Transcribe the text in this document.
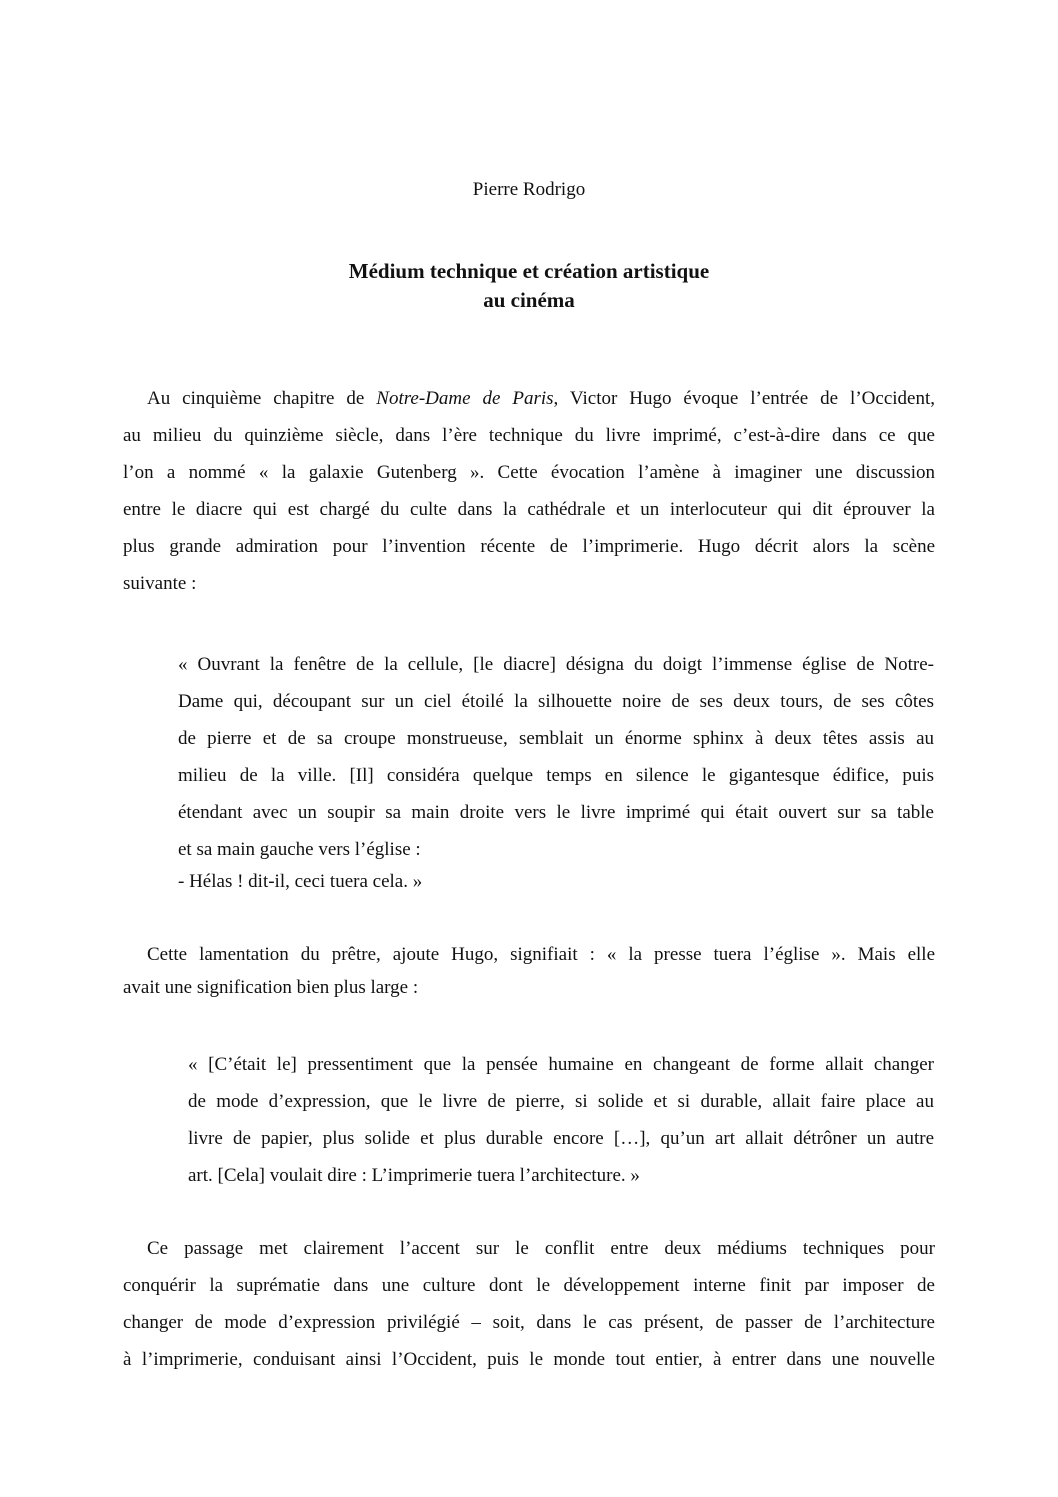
Pierre Rodrigo
Médium technique et création artistique
au cinéma
Au cinquième chapitre de Notre-Dame de Paris, Victor Hugo évoque l’entrée de l’Occident,
au milieu du quinzième siècle, dans l’ère technique du livre imprimé, c’est-à-dire dans ce que
l’on a nommé « la galaxie Gutenberg ». Cette évocation l’amène à imaginer une discussion
entre le diacre qui est chargé du culte dans la cathédrale et un interlocuteur qui dit éprouver la
plus grande admiration pour l’invention récente de l’imprimerie. Hugo décrit alors la scène
suivante :
« Ouvrant la fenêtre de la cellule, [le diacre] désigna du doigt l’immense église de Notre-
Dame qui, découpant sur un ciel étoilé la silhouette noire de ses deux tours, de ses côtes
de pierre et de sa croupe monstrueuse, semblait un énorme sphinx à deux têtes assis au
milieu de la ville. [Il] considéra quelque temps en silence le gigantesque édifice, puis
étendant avec un soupir sa main droite vers le livre imprimé qui était ouvert sur sa table
et sa main gauche vers l’église :
- Hélas ! dit-il, ceci tuera cela. »
Cette lamentation du prêtre, ajoute Hugo, signifiait : « la presse tuera l’église ». Mais elle
avait une signification bien plus large :
« [C’était le] pressentiment que la pensée humaine en changeant de forme allait changer
de mode d’expression, que le livre de pierre, si solide et si durable, allait faire place au
livre de papier, plus solide et plus durable encore […], qu’un art allait détrôner un autre
art. [Cela] voulait dire : L’imprimerie tuera l’architecture. »
Ce passage met clairement l’accent sur le conflit entre deux médiums techniques pour
conquérir la suprématie dans une culture dont le développement interne finit par imposer de
changer de mode d’expression privilégié – soit, dans le cas présent, de passer de l’architecture
à l’imprimerie, conduisant ainsi l’Occident, puis le monde tout entier, à entrer dans une nouvelle
